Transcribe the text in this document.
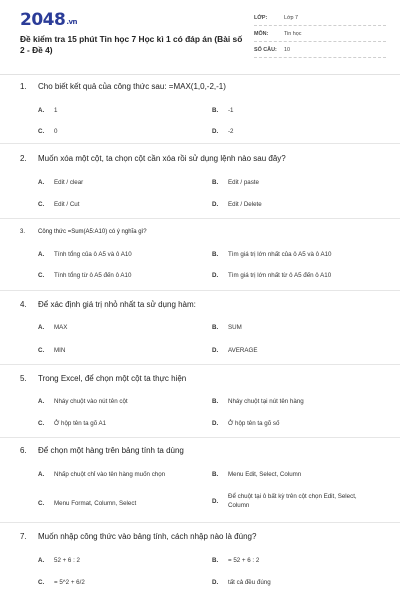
2048.vn
Đề kiểm tra 15 phút Tin học 7 Học kì 1 có đáp án (Bài số 2 - Đề 4)
LỚP:	Lớp 7
MÔN:	Tin học
SỐ CÂU: 10
1. Cho biết kết quả của công thức sau: =MAX(1,0,-2,-1)
A. 1	B. -1
C. 0	D. -2
2. Muốn xóa một cột, ta chọn cột cần xóa rồi sử dụng lệnh nào sau đây?
A. Edit / clear	B. Edit / paste
C. Edit / Cut	D. Edit / Delete
3. Công thức =Sum(A5:A10) có ý nghĩa gì?
A. Tính tổng của ô A5 và ô A10	B. Tìm giá trị lớn nhất của ô A5 và ô A10
C. Tính tổng từ ô A5 đến ô A10	D. Tìm giá trị lớn nhất từ ô A5 đến ô A10
4. Để xác định giá trị nhỏ nhất ta sử dụng hàm:
A. MAX	B. SUM
C. MIN	D. AVERAGE
5. Trong Excel, để chọn một cột ta thực hiện
A. Nháy chuột vào nút tên cột	B. Nháy chuột tại nút tên hàng
C. Ở hộp tên ta gõ A1	D. Ở hộp tên ta gõ số
6. Để chọn một hàng trên bảng tính ta dùng
A. Nhấp chuột chỉ vào tên hàng muốn chọn	B. Menu Edit, Select, Column
C. Menu Format, Column, Select	D.Để chuột tại ô bất kỳ trên cột chọn Edit, Select, Column
7. Muốn nhập công thức vào bảng tính, cách nhập nào là đúng?
A. 52 + 6 : 2	B. = 52 + 6 : 2
C. = 5^2 + 6/2	D. tất cả đều đúng
